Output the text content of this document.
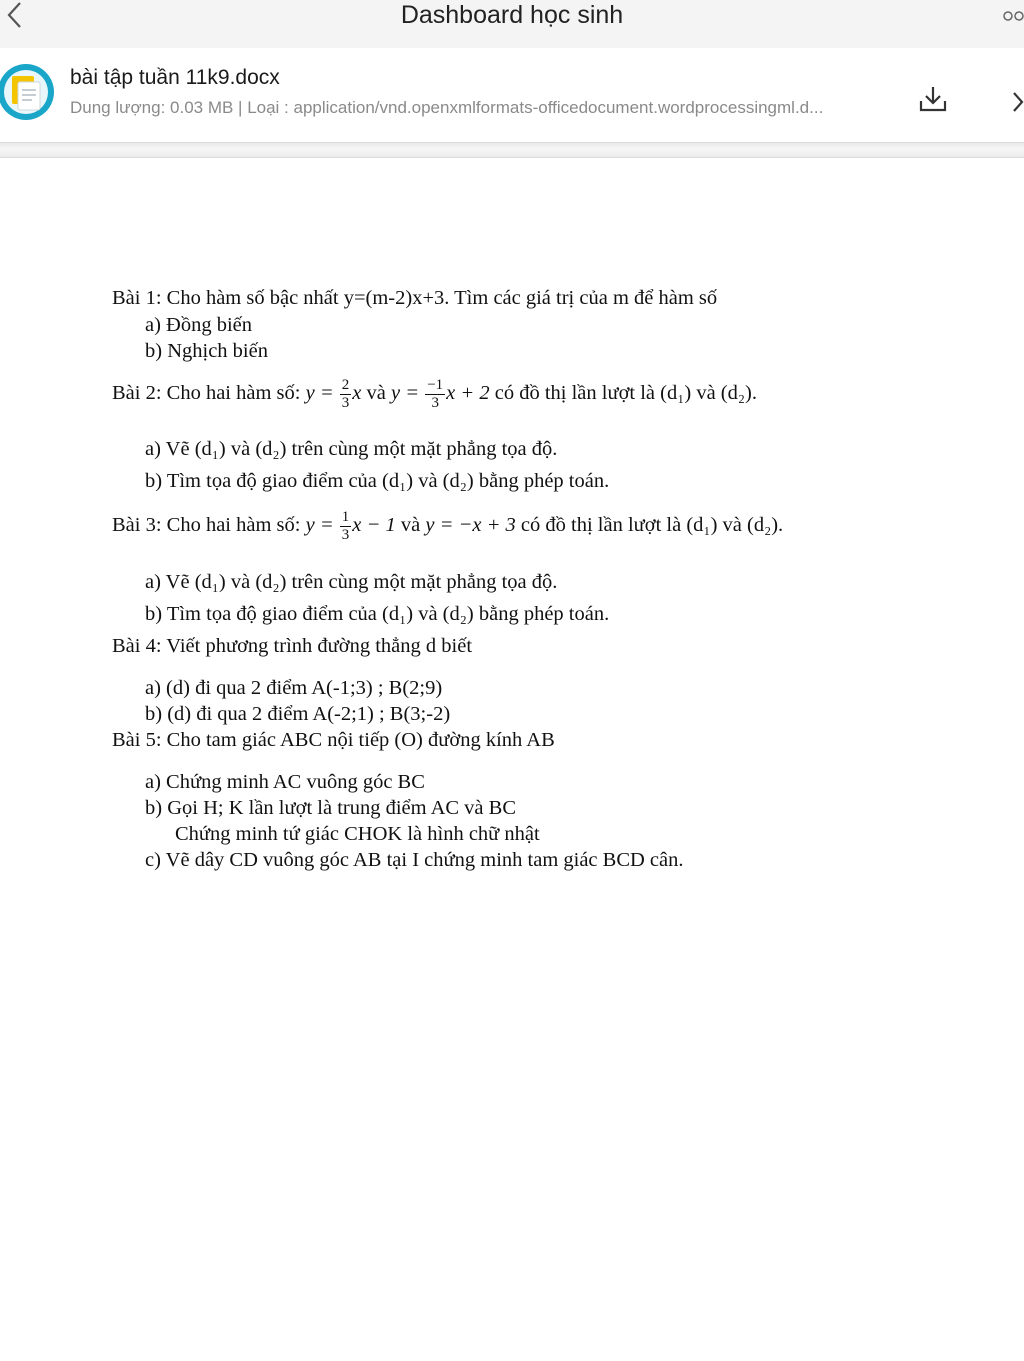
Dashboard học sinh
bài tập tuần 11k9.docx
Dung lượng: 0.03 MB | Loại : application/vnd.openxmlformats-officedocument.wordprocessingml.d...
Bài 1: Cho hàm số bậc nhất y=(m-2)x+3. Tìm các giá trị của m để hàm số
a) Đồng biến
b) Nghịch biến
Bài 2: Cho hai hàm số: $y = \frac{2}{3}$ x và $y = \frac{-1}{3}$ x + 2 có đồ thị lần lượt là (d₁) và (d₂).
a) Vẽ (d₁) và (d₂) trên cùng một mặt phẳng tọa độ.
b) Tìm tọa độ giao điểm của (d₁) và (d₂) bằng phép toán.
Bài 3: Cho hai hàm số: $y = \frac{1}{3}$ x − 1 và y = −x + 3 có đồ thị lần lượt là (d₁) và (d₂).
a) Vẽ (d₁) và (d₂) trên cùng một mặt phẳng tọa độ.
b) Tìm tọa độ giao điểm của (d₁) và (d₂) bằng phép toán.
Bài 4: Viết phương trình đường thẳng d biết
a) (d) đi qua 2 điểm A(-1;3) ; B(2;9)
b) (d) đi qua 2 điểm A(-2;1) ; B(3;-2)
Bài 5: Cho tam giác ABC nội tiếp (O) đường kính AB
a) Chứng minh AC vuông góc BC
b) Gọi H; K lần lượt là trung điểm AC và BC
Chứng minh tứ giác CHOK là hình chữ nhật
c) Vẽ dây CD vuông góc AB tại I chứng minh tam giác BCD cân.
